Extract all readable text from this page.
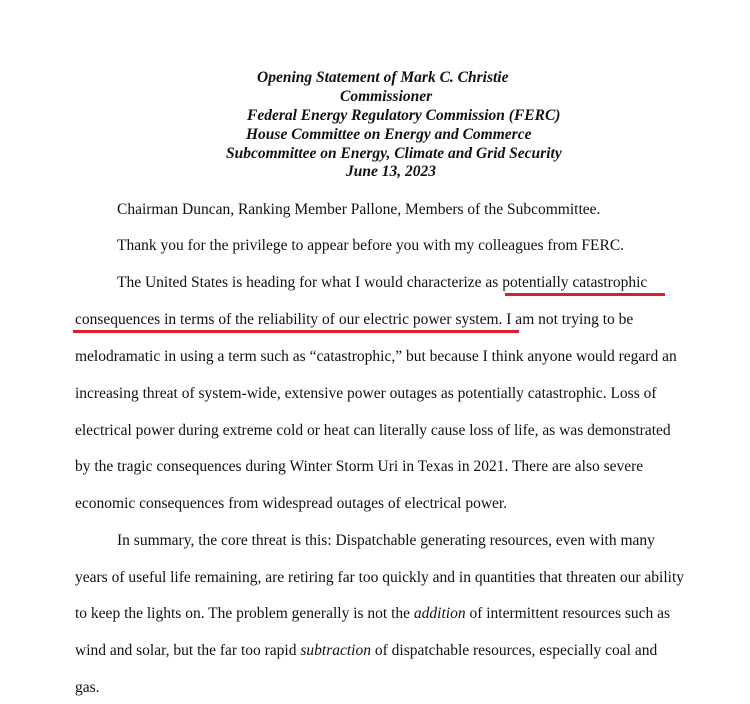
Opening Statement of Mark C. Christie
Commissioner
Federal Energy Regulatory Commission (FERC)
House Committee on Energy and Commerce
Subcommittee on Energy, Climate and Grid Security
June 13, 2023
Chairman Duncan, Ranking Member Pallone, Members of the Subcommittee.
Thank you for the privilege to appear before you with my colleagues from FERC.
The United States is heading for what I would characterize as potentially catastrophic
consequences in terms of the reliability of our electric power system. I am not trying to be
melodramatic in using a term such as “catastrophic,” but because I think anyone would regard an
increasing threat of system-wide, extensive power outages as potentially catastrophic. Loss of
electrical power during extreme cold or heat can literally cause loss of life, as was demonstrated
by the tragic consequences during Winter Storm Uri in Texas in 2021. There are also severe
economic consequences from widespread outages of electrical power.
In summary, the core threat is this: Dispatchable generating resources, even with many
years of useful life remaining, are retiring far too quickly and in quantities that threaten our ability
to keep the lights on. The problem generally is not the addition of intermittent resources such as
wind and solar, but the far too rapid subtraction of dispatchable resources, especially coal and
gas.
